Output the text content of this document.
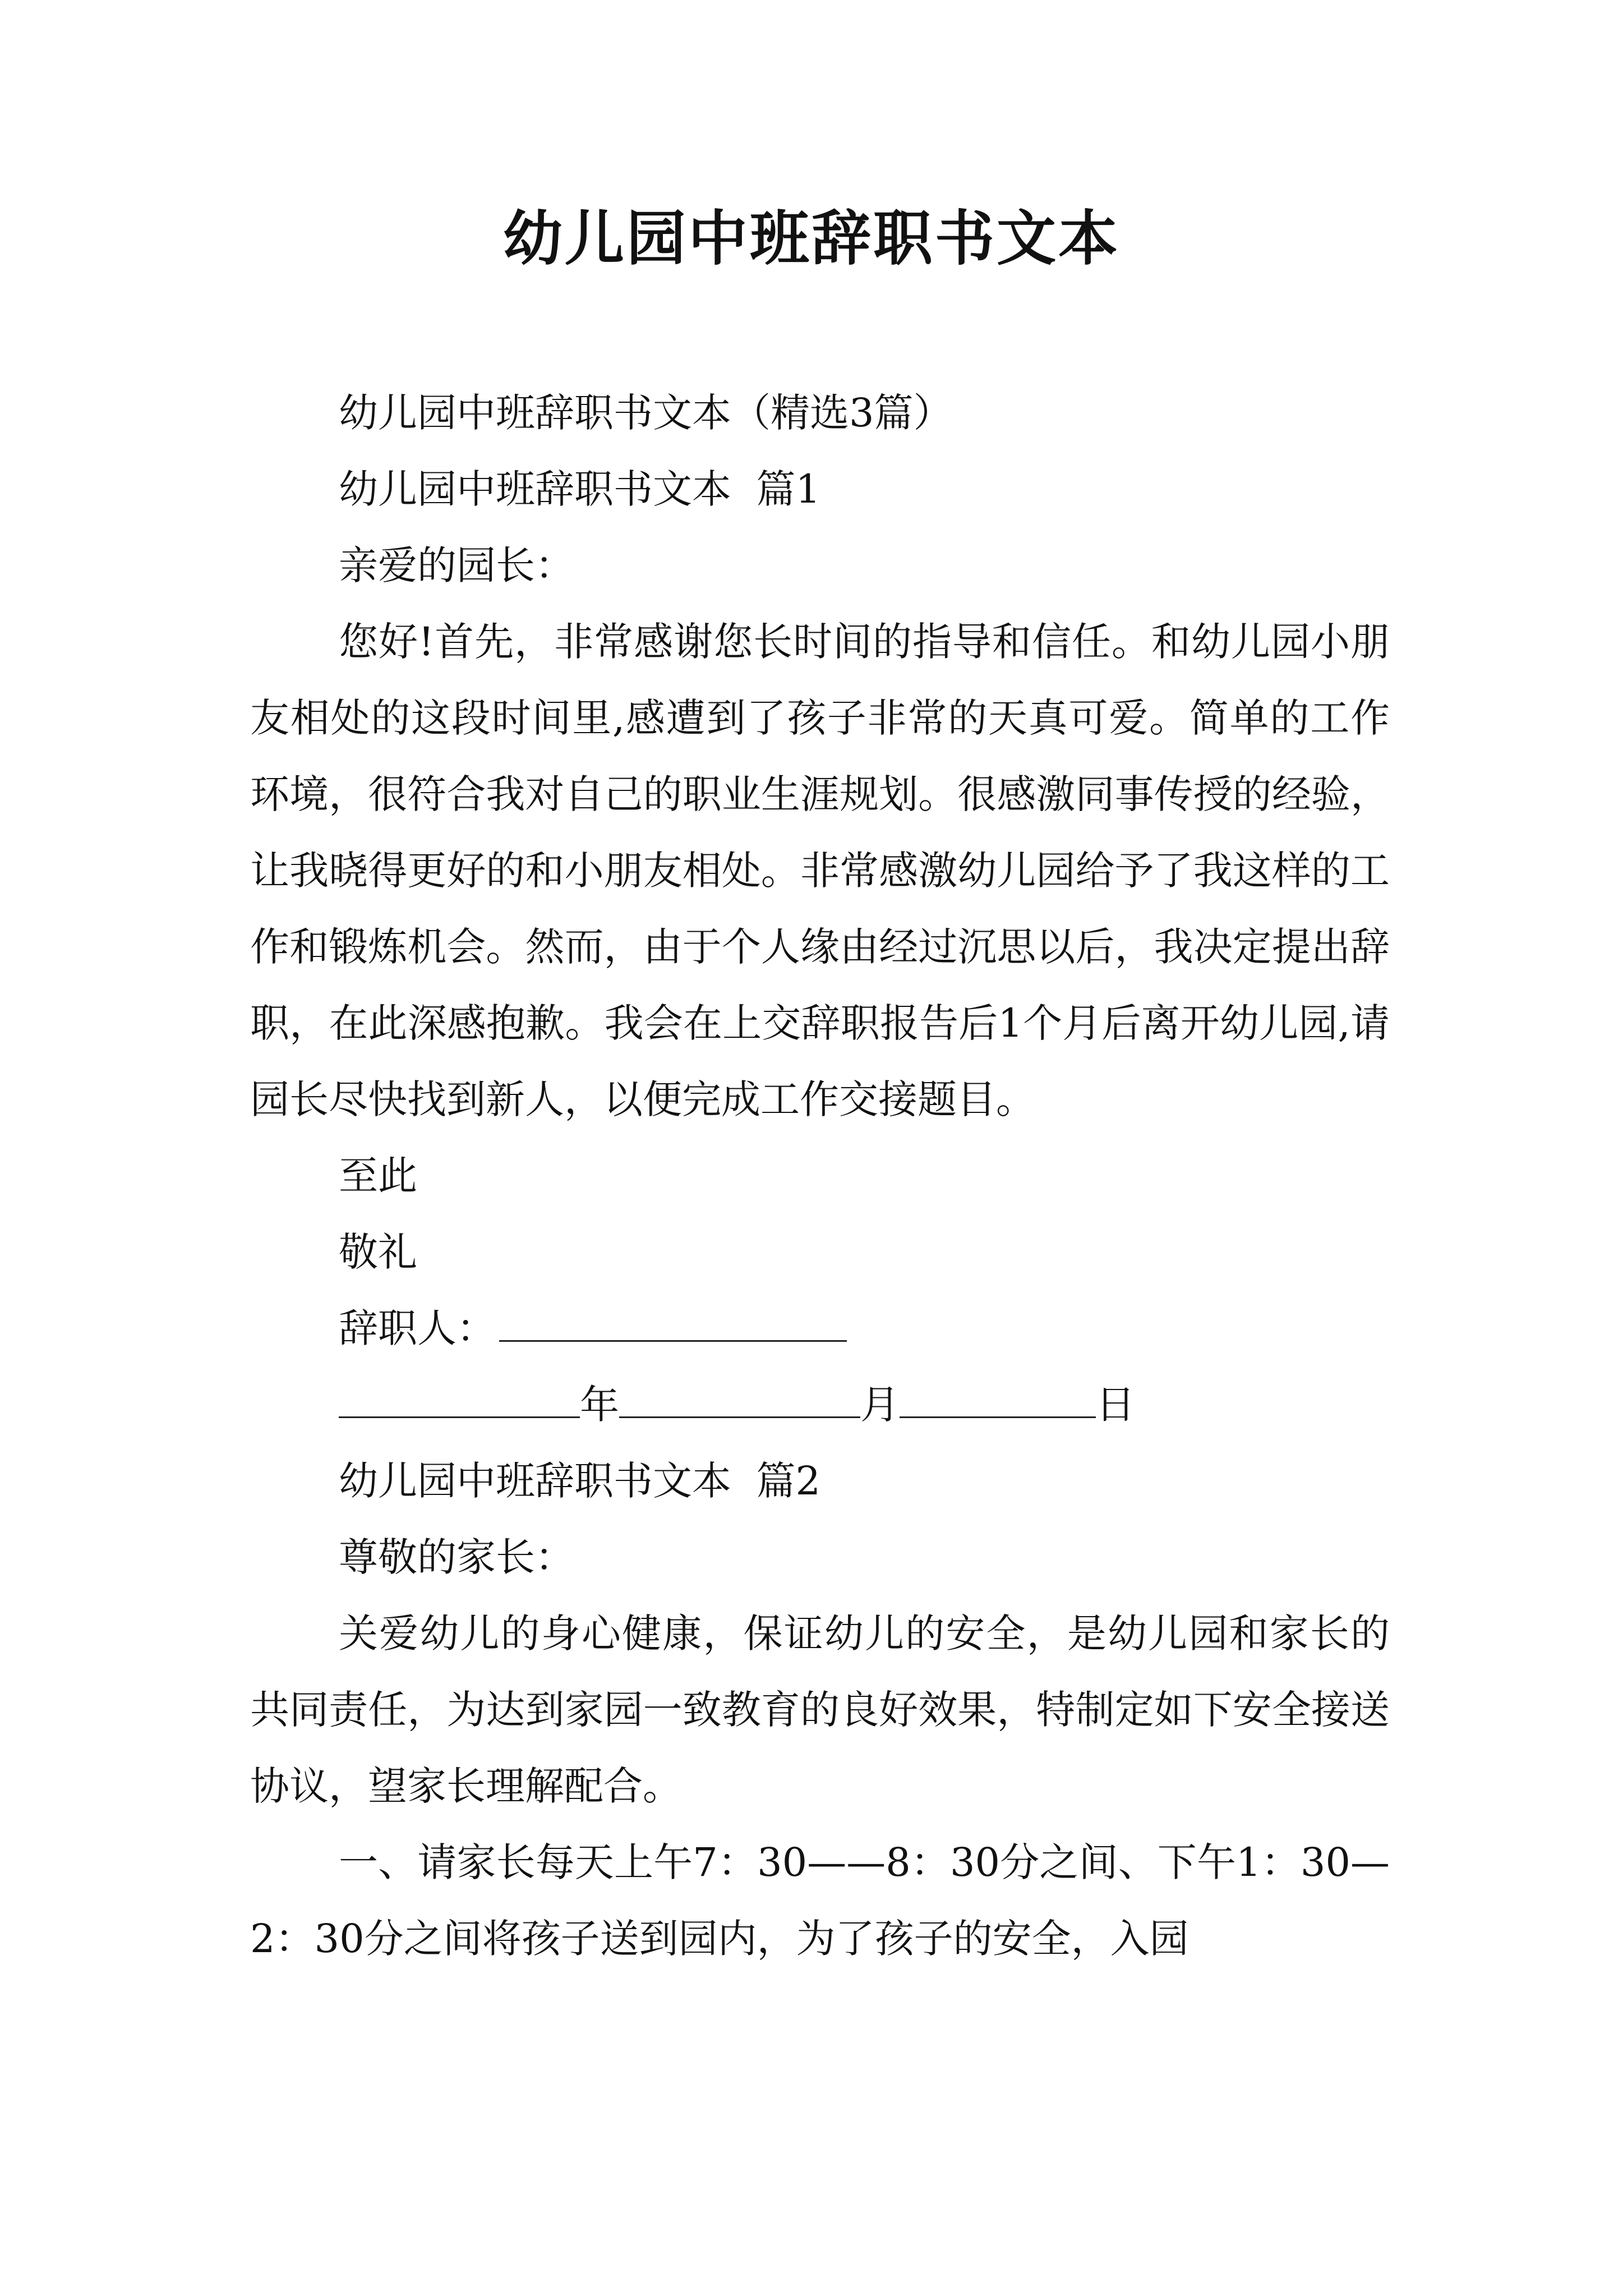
幼儿园中班辞职书文本

幼儿园中班辞职书文本（精选3篇）

幼儿园中班辞职书文本  篇1

亲爱的园长：

您好!首先，非常感谢您长时间的指导和信任。和幼儿园小朋友相处的这段时间里,感遭到了孩子非常的天真可爱。简单的工作环境，很符合我对自己的职业生涯规划。很感激同事传授的经验，让我晓得更好的和小朋友相处。非常感激幼儿园给予了我这样的工作和锻炼机会。然而，由于个人缘由经过沉思以后，我决定提出辞职，在此深感抱歉。我会在上交辞职报告后1个月后离开幼儿园,请园长尽快找到新人，以便完成工作交接题目。

至此

敬礼

辞职人：

年	月	日

幼儿园中班辞职书文本  篇2

尊敬的家长：

关爱幼儿的身心健康，保证幼儿的安全，是幼儿园和家长的共同责任，为达到家园一致教育的良好效果，特制定如下安全接送协议，望家长理解配合。

一、请家长每天上午7：30——8：30分之间、下午1：30—2：30分之间将孩子送到园内，为了孩子的安全，入园
